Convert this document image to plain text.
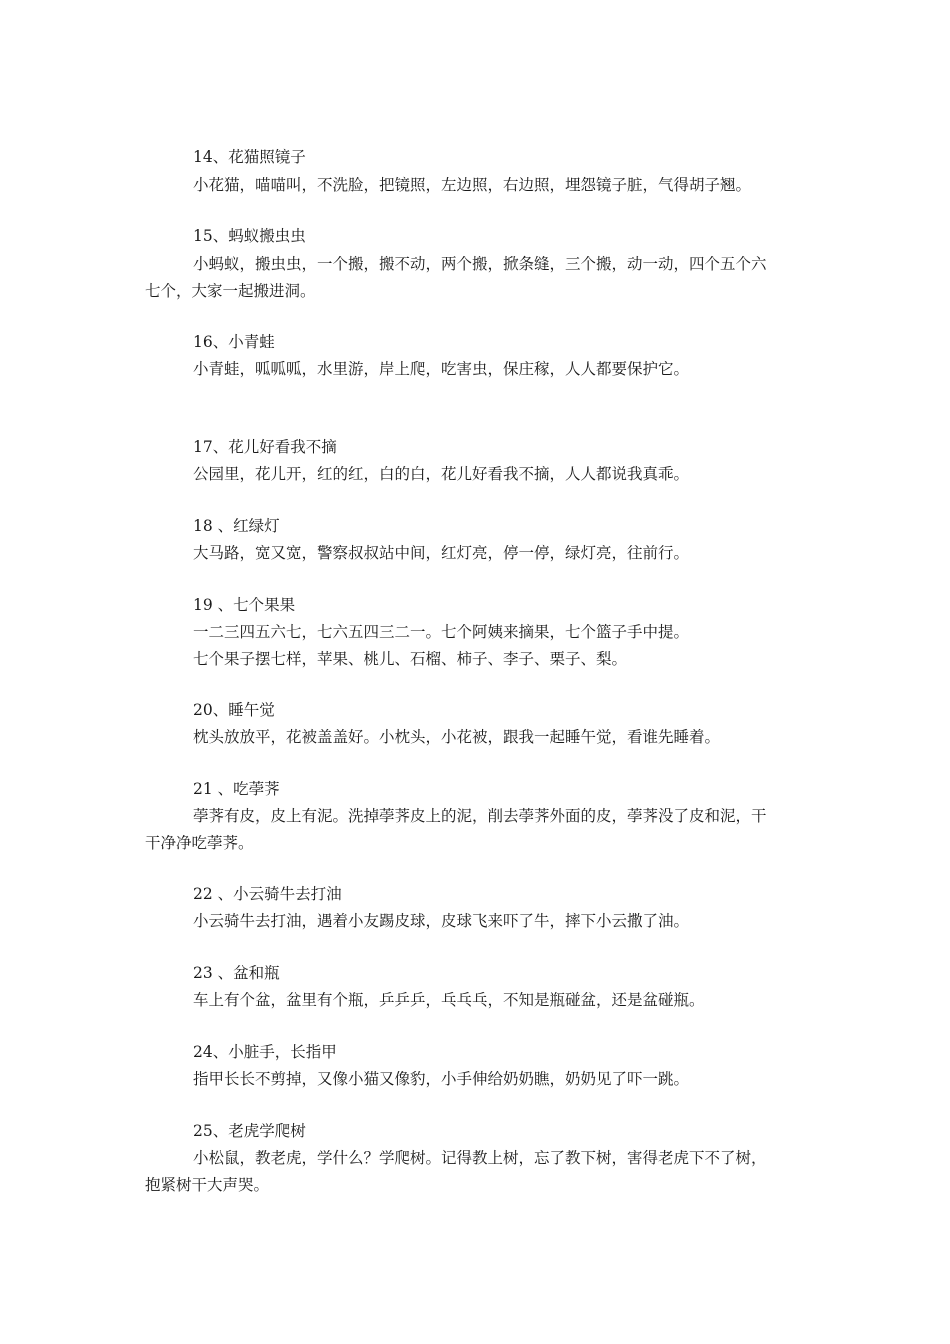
14、花猫照镜子
小花猫，喵喵叫，不洗脸，把镜照，左边照，右边照，埋怨镜子脏，气得胡子翘。
15、蚂蚁搬虫虫
小蚂蚁，搬虫虫，一个搬，搬不动，两个搬，掀条缝，三个搬，动一动，四个五个六
七个，大家一起搬进洞。
16、小青蛙
小青蛙，呱呱呱，水里游，岸上爬，吃害虫，保庄稼，人人都要保护它。
17、花儿好看我不摘
公园里，花儿开，红的红，白的白，花儿好看我不摘，人人都说我真乖。
18 、红绿灯
大马路，宽又宽，警察叔叔站中间，红灯亮，停一停，绿灯亮，往前行。
19 、七个果果
一二三四五六七，七六五四三二一。七个阿姨来摘果，七个篮子手中提。
七个果子摆七样，苹果、桃儿、石榴、柿子、李子、栗子、梨。
20、睡午觉
枕头放放平，花被盖盖好。小枕头，小花被，跟我一起睡午觉，看谁先睡着。
21 、吃荸荠
荸荠有皮，皮上有泥。洗掉荸荠皮上的泥，削去荸荠外面的皮，荸荠没了皮和泥，干
干净净吃荸荠。
22 、小云骑牛去打油
小云骑牛去打油，遇着小友踢皮球，皮球飞来吓了牛，摔下小云撒了油。
23 、盆和瓶
车上有个盆，盆里有个瓶，乒乒乒，乓乓乓，不知是瓶碰盆，还是盆碰瓶。
24、小脏手，长指甲
指甲长长不剪掉，又像小猫又像豹，小手伸给奶奶瞧，奶奶见了吓一跳。
25、老虎学爬树
小松鼠，教老虎，学什么？学爬树。记得教上树，忘了教下树，害得老虎下不了树，
抱紧树干大声哭。
